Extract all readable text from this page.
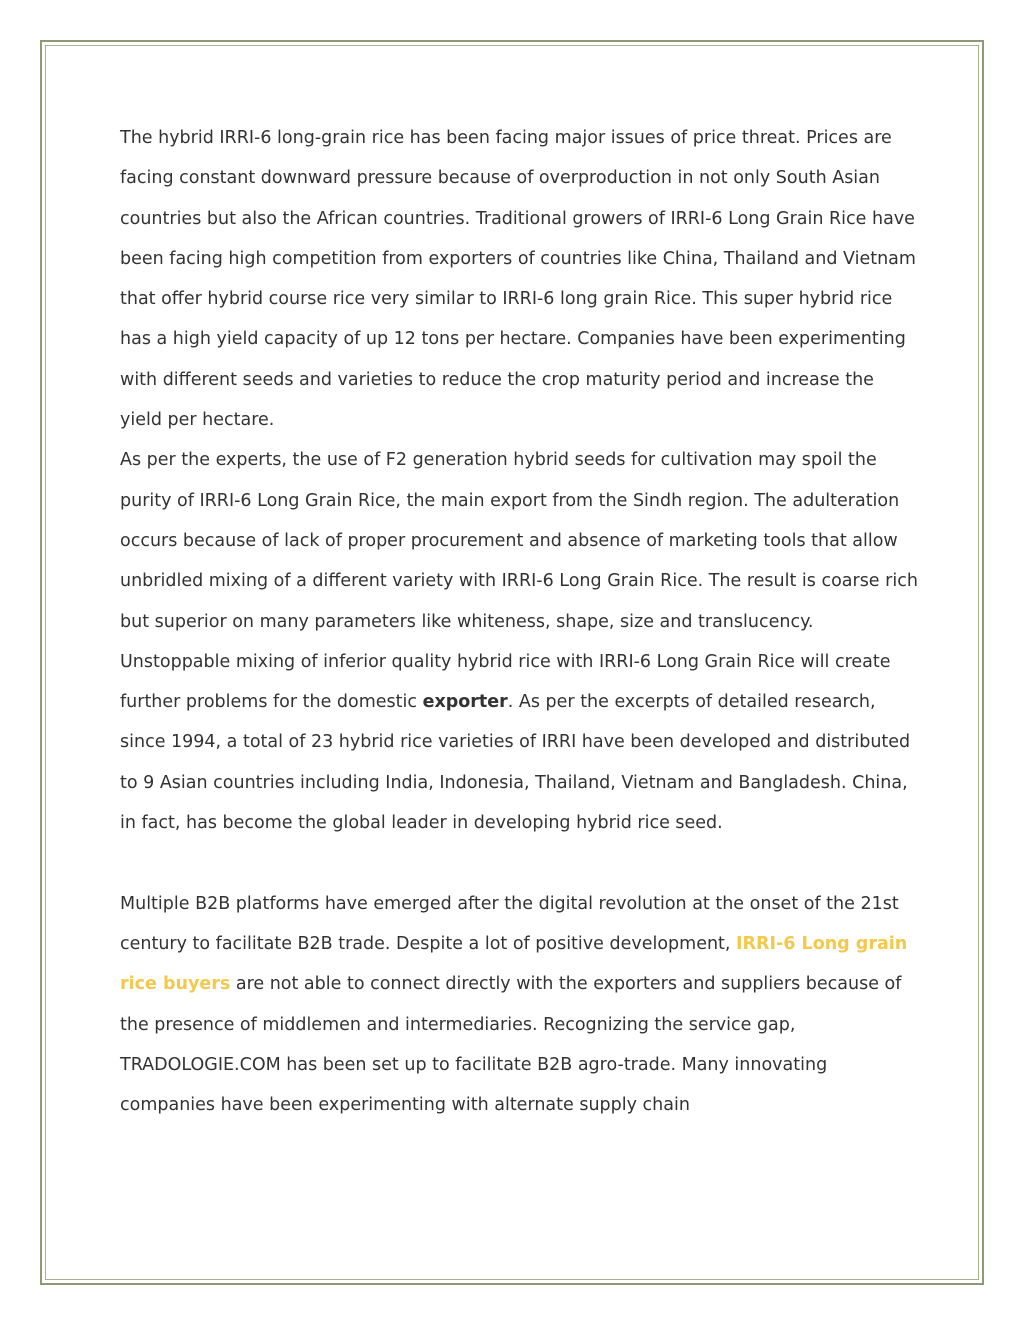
The hybrid IRRI-6 long-grain rice has been facing major issues of price threat. Prices are facing constant downward pressure because of overproduction in not only South Asian countries but also the African countries. Traditional growers of IRRI-6 Long Grain Rice have been facing high competition from exporters of countries like China, Thailand and Vietnam that offer hybrid course rice very similar to IRRI-6 long grain Rice. This super hybrid rice has a high yield capacity of up 12 tons per hectare. Companies have been experimenting with different seeds and varieties to reduce the crop maturity period and increase the yield per hectare.

As per the experts, the use of F2 generation hybrid seeds for cultivation may spoil the purity of IRRI-6 Long Grain Rice, the main export from the Sindh region. The adulteration occurs because of lack of proper procurement and absence of marketing tools that allow unbridled mixing of a different variety with IRRI-6 Long Grain Rice. The result is coarse rich but superior on many parameters like whiteness, shape, size and translucency. Unstoppable mixing of inferior quality hybrid rice with IRRI-6 Long Grain Rice will create further problems for the domestic exporter. As per the excerpts of detailed research, since 1994, a total of 23 hybrid rice varieties of IRRI have been developed and distributed to 9 Asian countries including India, Indonesia, Thailand, Vietnam and Bangladesh. China, in fact, has become the global leader in developing hybrid rice seed.

Multiple B2B platforms have emerged after the digital revolution at the onset of the 21st century to facilitate B2B trade. Despite a lot of positive development, IRRI-6 Long grain rice buyers are not able to connect directly with the exporters and suppliers because of the presence of middlemen and intermediaries. Recognizing the service gap, TRADOLOGIE.COM has been set up to facilitate B2B agro-trade. Many innovating companies have been experimenting with alternate supply chain
